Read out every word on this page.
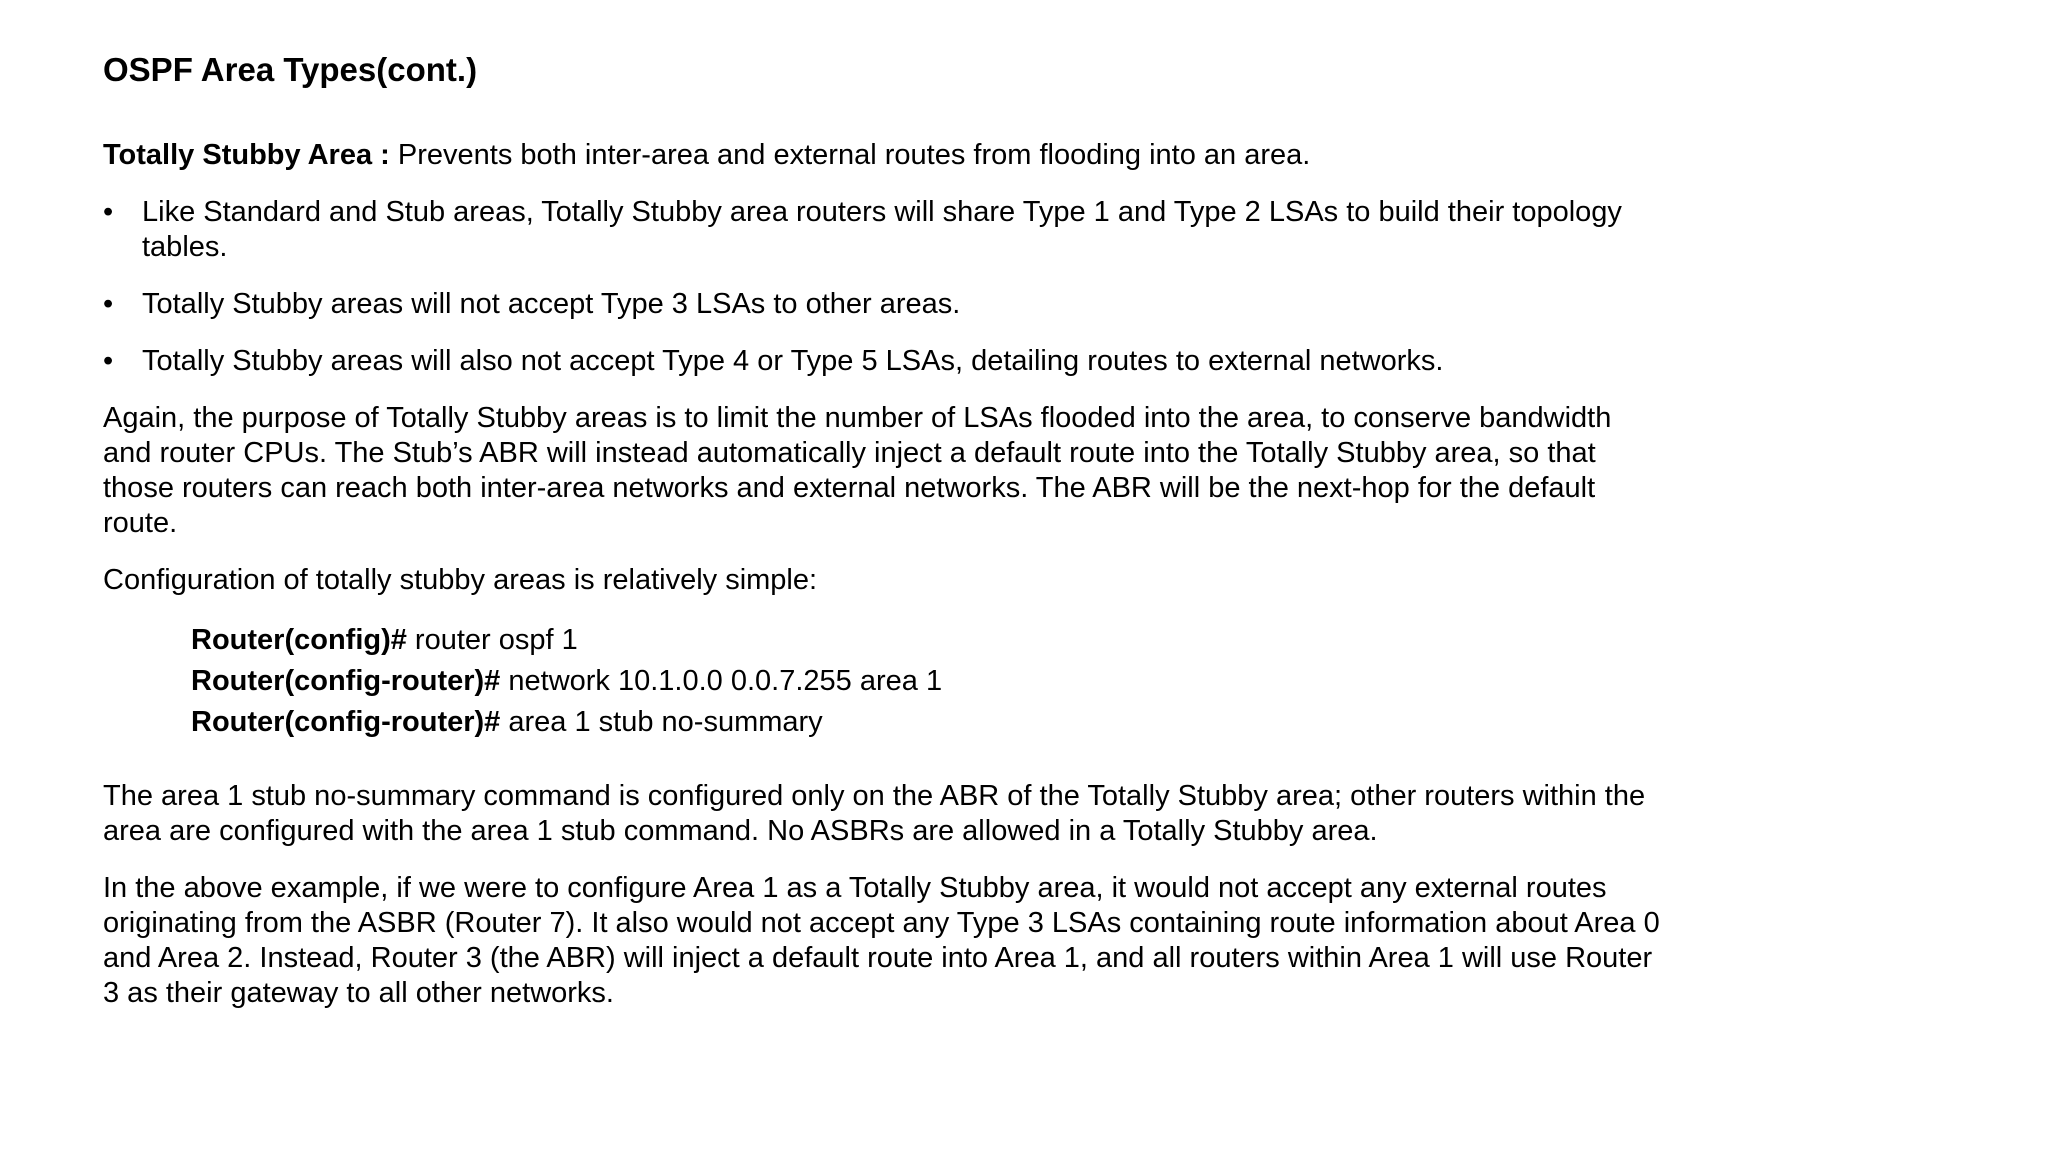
OSPF Area Types(cont.)

Totally Stubby Area : Prevents both inter-area and external routes from flooding into an area.

• Like Standard and Stub areas, Totally Stubby area routers will share Type 1 and Type 2 LSAs to build their topology tables.
• Totally Stubby areas will not accept Type 3 LSAs to other areas.
• Totally Stubby areas will also not accept Type 4 or Type 5 LSAs, detailing routes to external networks.

Again, the purpose of Totally Stubby areas is to limit the number of LSAs flooded into the area, to conserve bandwidth and router CPUs. The Stub’s ABR will instead automatically inject a default route into the Totally Stubby area, so that those routers can reach both inter-area networks and external networks. The ABR will be the next-hop for the default route.

Configuration of totally stubby areas is relatively simple:

Router(config)# router ospf 1
Router(config-router)# network 10.1.0.0 0.0.7.255 area 1
Router(config-router)# area 1 stub no-summary

The area 1 stub no-summary command is configured only on the ABR of the Totally Stubby area; other routers within the area are configured with the area 1 stub command. No ASBRs are allowed in a Totally Stubby area.

In the above example, if we were to configure Area 1 as a Totally Stubby area, it would not accept any external routes originating from the ASBR (Router 7). It also would not accept any Type 3 LSAs containing route information about Area 0 and Area 2. Instead, Router 3 (the ABR) will inject a default route into Area 1, and all routers within Area 1 will use Router 3 as their gateway to all other networks.
